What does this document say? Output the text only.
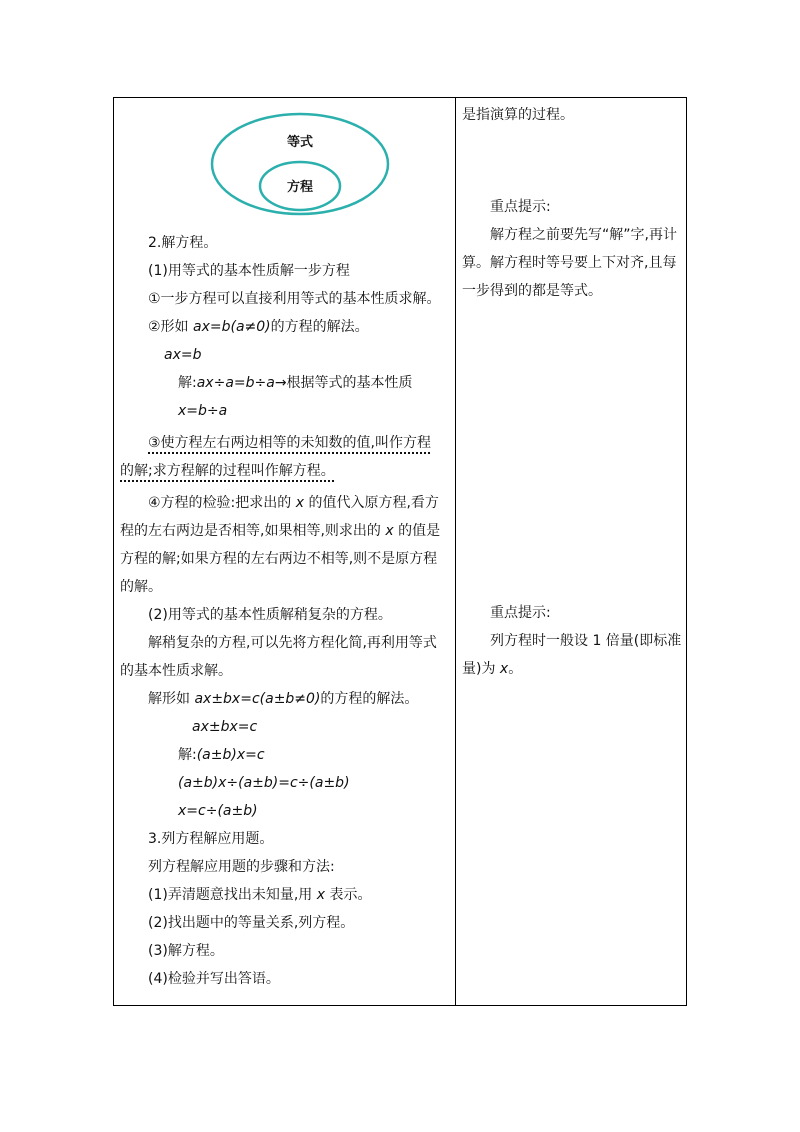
等式
方程
2.解方程。
(1)用等式的基本性质解一步方程
①一步方程可以直接利用等式的基本性质求解。
②形如 ax=b(a≠0)的方程的解法。
ax=b
解:ax÷a=b÷a→根据等式的基本性质
x=b÷a
③使方程左右两边相等的未知数的值,叫作方程
的解;求方程解的过程叫作解方程。
④方程的检验:把求出的 x 的值代入原方程,看方
程的左右两边是否相等,如果相等,则求出的 x 的值是
方程的解;如果方程的左右两边不相等,则不是原方程
的解。
(2)用等式的基本性质解稍复杂的方程。
解稍复杂的方程,可以先将方程化简,再利用等式
的基本性质求解。
解形如 ax±bx=c(a±b≠0)的方程的解法。
ax±bx=c
解:(a±b)x=c
(a±b)x÷(a±b)=c÷(a±b)
x=c÷(a±b)
3.列方程解应用题。
列方程解应用题的步骤和方法:
(1)弄清题意找出未知量,用 x 表示。
(2)找出题中的等量关系,列方程。
(3)解方程。
(4)检验并写出答语。
是指演算的过程。
重点提示:
解方程之前要先写“解”字,再计
算。解方程时等号要上下对齐,且每
一步得到的都是等式。
重点提示:
列方程时一般设 1 倍量(即标准
量)为 x。
